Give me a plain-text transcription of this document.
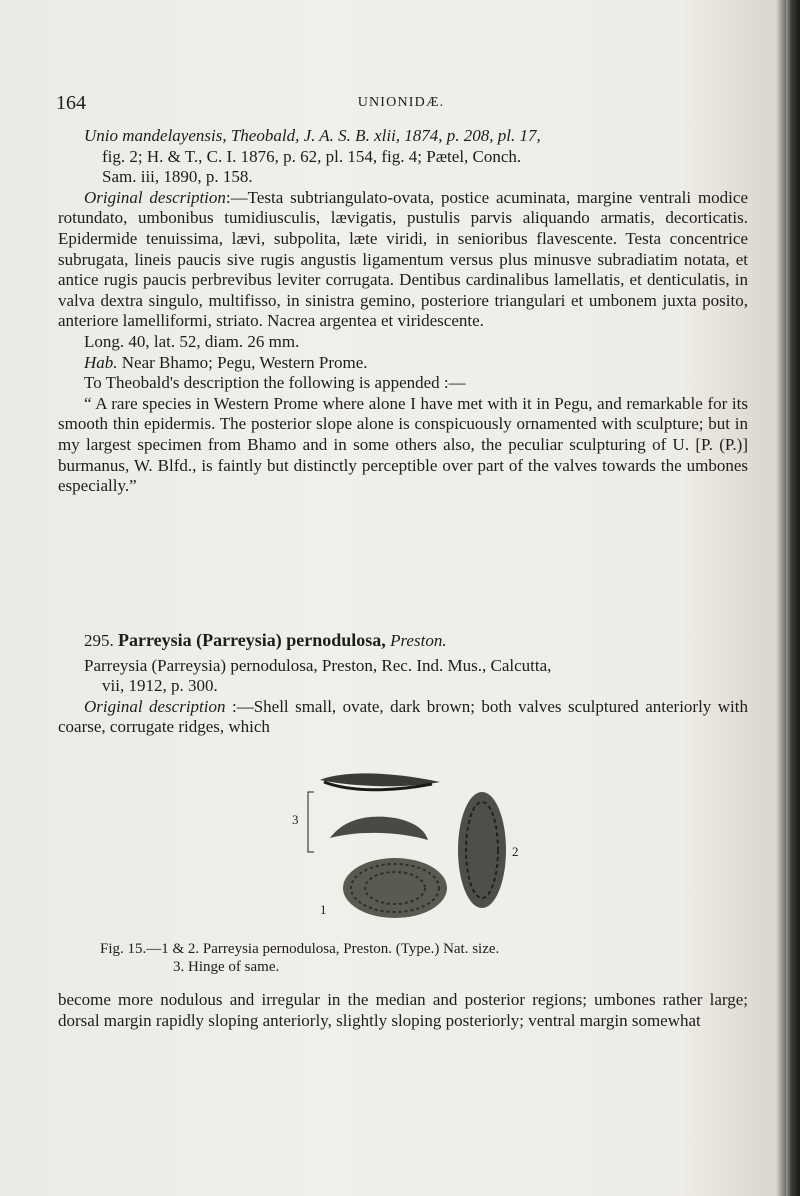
164	UNIONIDÆ.

Unio mandelayensis, Theobald, J. A. S. B. xlii, 1874, p. 208, pl. 17,

fig. 2; H. & T., C. I. 1876, p. 62, pl. 154, fig. 4; Pætel, Conch.

Sam. iii, 1890, p. 158.

Original description:—Testa subtriangulato-ovata, postice acuminata, margine ventrali modice rotundato, umbonibus tumidiusculis, lævigatis, pustulis parvis aliquando armatis, decorticatis. Epidermide tenuissima, lævi, subpolita, læte viridi, in senioribus flavescente. Testa concentrice subrugata, lineis paucis sive rugis angustis ligamentum versus plus minusve subradiatim notata, et antice rugis paucis perbrevibus leviter corrugata. Dentibus cardinalibus lamellatis, et denticulatis, in valva dextra singulo, multifisso, in sinistra gemino, posteriore triangulari et umbonem juxta posito, anteriore lamelliformi, striato. Nacrea argentea et viridescente.

Long. 40, lat. 52, diam. 26 mm.

Hab. Near Bhamo; Pegu, Western Prome.

To Theobald's description the following is appended :—

“ A rare species in Western Prome where alone I have met with it in Pegu, and remarkable for its smooth thin epidermis. The posterior slope alone is conspicuously ornamented with sculpture; but in my largest specimen from Bhamo and in some others also, the peculiar sculpturing of U. [P. (P.)] burmanus, W. Blfd., is faintly but distinctly perceptible over part of the valves towards the umbones especially.”

295. Parreysia (Parreysia) pernodulosa, Preston.

Parreysia (Parreysia) pernodulosa, Preston, Rec. Ind. Mus., Calcutta,

vii, 1912, p. 300.

Original description :—Shell small, ovate, dark brown; both valves sculptured anteriorly with coarse, corrugate ridges, which

3
2
1
Fig. 15.—1 & 2. Parreysia pernodulosa, Preston. (Type.) Nat. size.
3. Hinge of same.

become more nodulous and irregular in the median and posterior regions; umbones rather large; dorsal margin rapidly sloping anteriorly, slightly sloping posteriorly; ventral margin somewhat
